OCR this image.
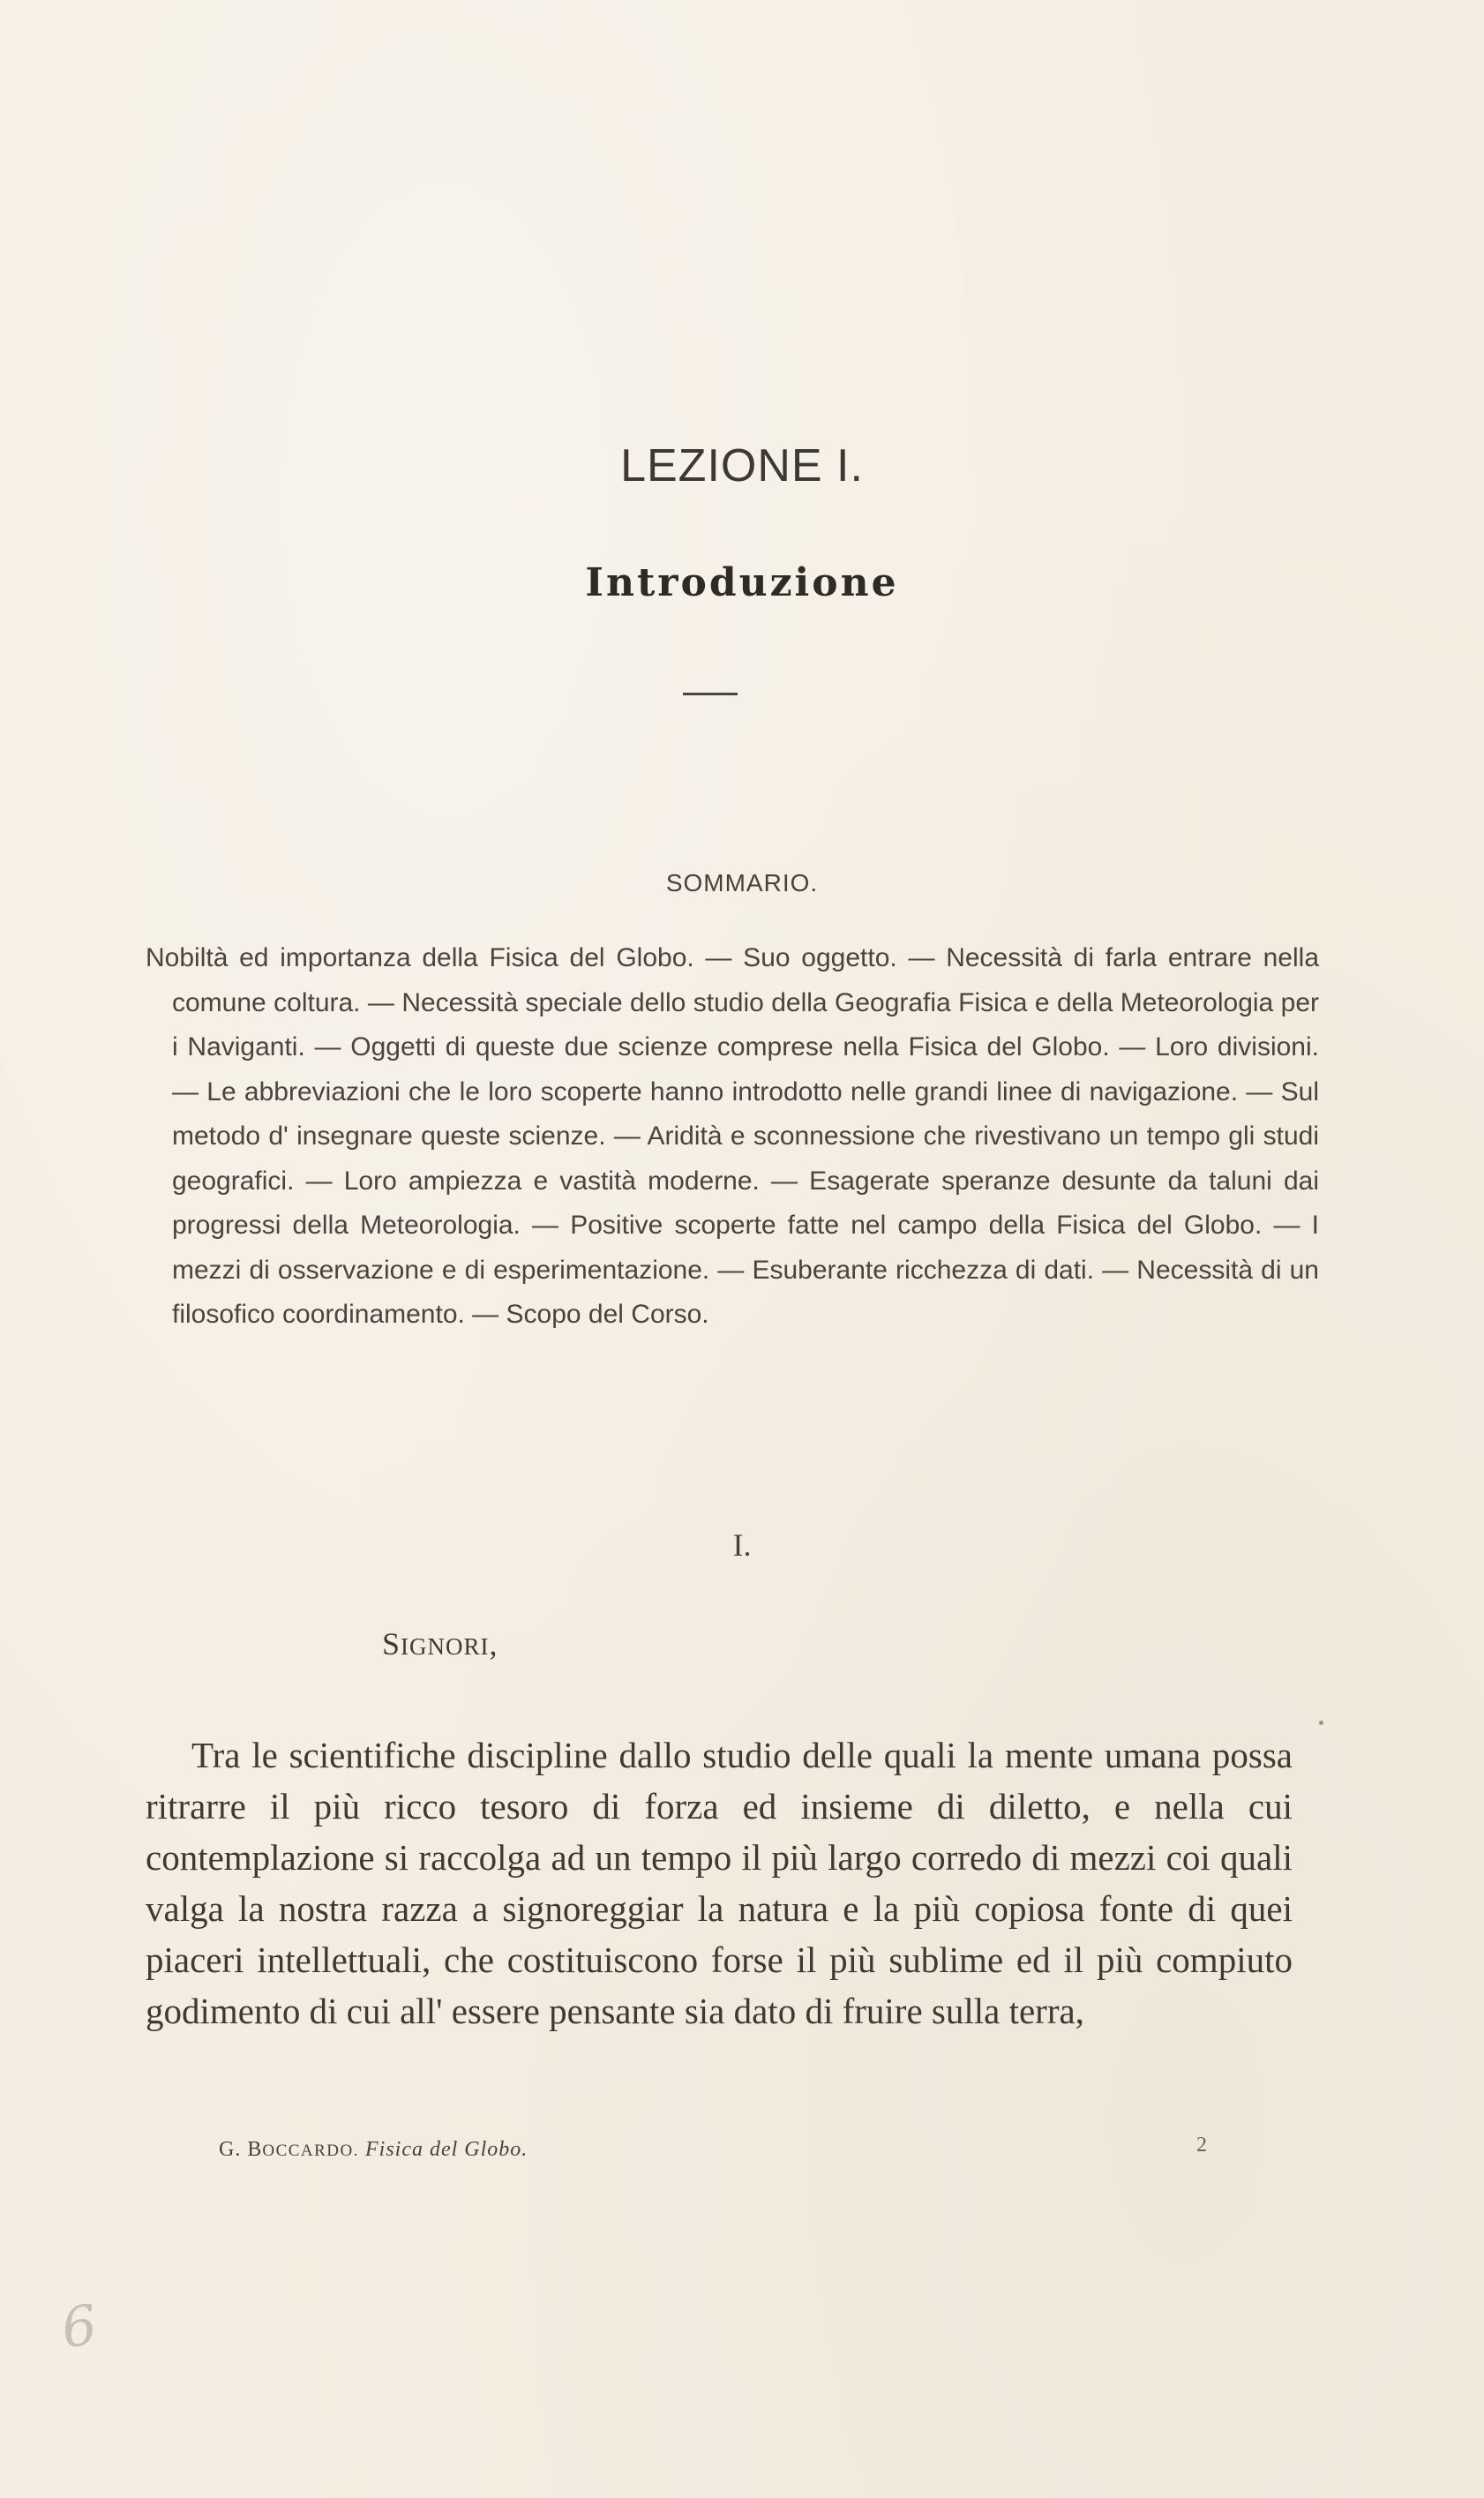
LEZIONE I.
Introduzione
SOMMARIO.

Nobiltà ed importanza della Fisica del Globo. — Suo oggetto. — Necessità di farla entrare nella comune coltura. — Necessità speciale dello studio della Geografia Fisica e della Meteorologia per i Naviganti. — Oggetti di queste due scienze comprese nella Fisica del Globo. — Loro divisioni. — Le abbreviazioni che le loro scoperte hanno introdotto nelle grandi linee di navigazione. — Sul metodo d' insegnare queste scienze. — Aridità e sconnessione che rivestivano un tempo gli studi geografici. — Loro ampiezza e vastità moderne. — Esagerate speranze desunte da taluni dai progressi della Meteorologia. — Positive scoperte fatte nel campo della Fisica del Globo. — I mezzi di osservazione e di esperimentazione. — Esuberante ricchezza di dati. — Necessità di un filosofico coordinamento. — Scopo del Corso.

I.
SIGNORI,

Tra le scientifiche discipline dallo studio delle quali la mente umana possa ritrarre il più ricco tesoro di forza ed insieme di diletto, e nella cui contemplazione si raccolga ad un tempo il più largo corredo di mezzi coi quali valga la nostra razza a signoreggiar la natura e la più copiosa fonte di quei piaceri intellettuali, che costituiscono forse il più sublime ed il più compiuto godimento di cui all' essere pensante sia dato di fruire sulla terra,

G. BOCCARDO. Fisica del Globo.	2
6
